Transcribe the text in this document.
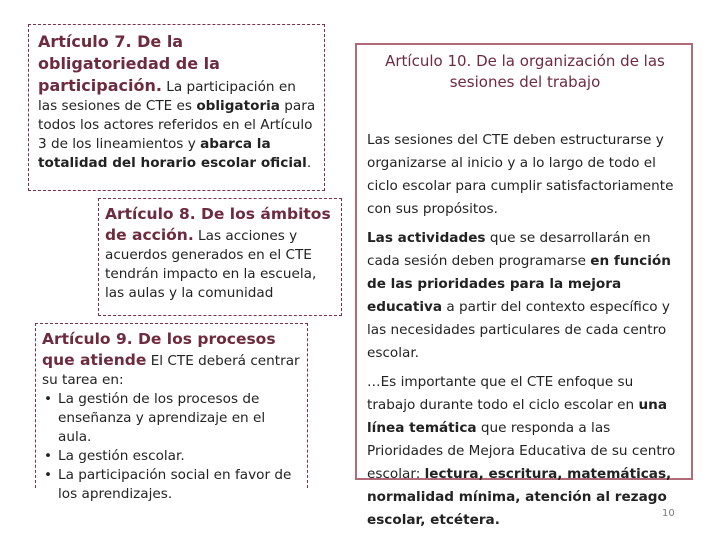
Artículo 7. De la obligatoriedad de la participación. La participación en las sesiones de CTE es obligatoria para todos los actores referidos en el Artículo 3 de los lineamientos y abarca la totalidad del horario escolar oficial.
Artículo 8. De los ámbitos de acción. Las acciones y acuerdos generados en el CTE tendrán impacto en la escuela, las aulas y la comunidad
Artículo 9. De los procesos que atiende El CTE deberá centrar su tarea en:
• La gestión de los procesos de enseñanza y aprendizaje en el aula.
• La gestión escolar.
• La participación social en favor de los aprendizajes.
Artículo 10. De la organización de las sesiones del trabajo

Las sesiones del CTE deben estructurarse y organizarse al inicio y a lo largo de todo el ciclo escolar para cumplir satisfactoriamente con sus propósitos.

Las actividades que se desarrollarán en cada sesión deben programarse en función de las prioridades para la mejora educativa a partir del contexto específico y las necesidades particulares de cada centro escolar.

…Es importante que el CTE enfoque su trabajo durante todo el ciclo escolar en una línea temática que responda a las Prioridades de Mejora Educativa de su centro escolar: lectura, escritura, matemáticas, normalidad mínima, atención al rezago escolar, etcétera.	10
